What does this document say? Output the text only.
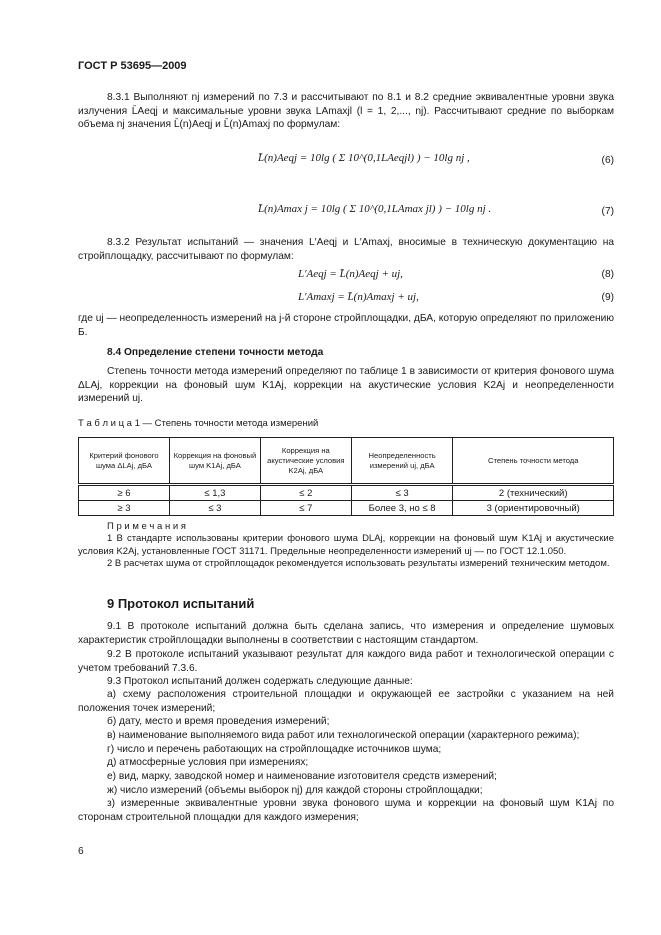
ГОСТ Р 53695—2009
8.3.1 Выполняют nj измерений по 7.3 и рассчитывают по 8.1 и 8.2 средние эквивалентные уровни звука излучения L̄Aeqj и максимальные уровни звука LAmaxjl (l = 1, 2,..., nj). Рассчитывают средние по выборкам объема nj значения L̄(n)Aeqj и L̄(n)Amaxj по формулам:
L̄(n)Aeqj = 10lg ( Σ 10^(0,1LAeqjl) ) − 10lg nj ,	(6)
L̄(n)Amax j = 10lg ( Σ 10^(0,1LAmax jl) ) − 10lg nj .	(7)
8.3.2 Результат испытаний — значения L′Aeqj и L′Amaxj, вносимые в техническую документацию на стройплощадку, рассчитывают по формулам:
L′Aeqj = L̄(n)Aeqj + uj,	(8)
L′Amaxj = L̄(n)Amaxj + uj,	(9)
где uj — неопределенность измерений на j-й стороне стройплощадки, дБА, которую определяют по приложению Б.
8.4 Определение степени точности метода
Степень точности метода измерений определяют по таблице 1 в зависимости от критерия фонового шума ΔLAj, коррекции на фоновый шум K1Aj, коррекции на акустические условия K2Aj и неопределенности измерений uj.
Т а б л и ц а 1 — Степень точности метода измерений
Критерий фонового шума ΔLAj, дБА	Коррекция на фоновый шум K1Aj, дБА	Коррекция на акустические условия K2Aj, дБА	Неопределенность измерений uj, дБА	Степень точности метода
≥ 6	≤ 1,3	≤ 2	≤ 3	2 (технический)
≥ 3	≤ 3	≤ 7	Более 3, но ≤ 8	3 (ориентировочный)
П р и м е ч а н и я
1 В стандарте использованы критерии фонового шума DLAj, коррекции на фоновый шум K1Aj и акустические условия K2Aj, установленные ГОСТ 31171. Предельные неопределенности измерений uj — по ГОСТ 12.1.050.
2 В расчетах шума от стройплощадок рекомендуется использовать результаты измерений техническим методом.
9 Протокол испытаний
9.1 В протоколе испытаний должна быть сделана запись, что измерения и определение шумовых характеристик стройплощадки выполнены в соответствии с настоящим стандартом.
9.2 В протоколе испытаний указывают результат для каждого вида работ и технологической операции с учетом требований 7.3.6.
9.3 Протокол испытаний должен содержать следующие данные:
а) схему расположения строительной площадки и окружающей ее застройки с указанием на ней положения точек измерений;
б) дату, место и время проведения измерений;
в) наименование выполняемого вида работ или технологической операции (характерного режима);
г) число и перечень работающих на стройплощадке источников шума;
д) атмосферные условия при измерениях;
е) вид, марку, заводской номер и наименование изготовителя средств измерений;
ж) число измерений (объемы выборок nj) для каждой стороны стройплощадки;
з) измеренные эквивалентные уровни звука фонового шума и коррекции на фоновый шум K1Aj по сторонам строительной площадки для каждого измерения;
6
